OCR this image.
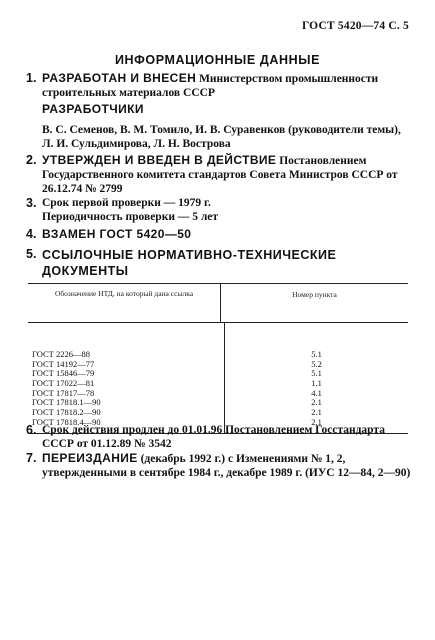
ГОСТ 5420—74 С. 5
ИНФОРМАЦИОННЫЕ ДАННЫЕ
1. РАЗРАБОТАН И ВНЕСЕН Министерством промышленности строительных материалов СССР
РАЗРАБОТЧИКИ
В. С. Семенов, В. М. Томило, И. В. Суравенков (руководители темы), Л. И. Сульдимирова, Л. Н. Вострова
2. УТВЕРЖДЕН И ВВЕДЕН В ДЕЙСТВИЕ Постановлением Государственного комитета стандартов Совета Министров СССР от 26.12.74 № 2799
3. Срок первой проверки — 1979 г.
Периодичность проверки — 5 лет
4. ВЗАМЕН ГОСТ 5420—50
5. ССЫЛОЧНЫЕ НОРМАТИВНО-ТЕХНИЧЕСКИЕ ДОКУМЕНТЫ
Обозначение НТД, на который дана ссылка	Номер пункта
ГОСТ 2226—88
ГОСТ 14192—77
ГОСТ 15846—79
ГОСТ 17022—81
ГОСТ 17817—78
ГОСТ 17818.1—90
ГОСТ 17818.2—90
ГОСТ 17818.4—90
5.1
5.2
5.1
1.1
4.1
2.1
2.1
2.1
6. Срок действия продлен до 01.01.96 Постановлением Госстандарта СССР от 01.12.89 № 3542
7. ПЕРЕИЗДАНИЕ (декабрь 1992 г.) с Изменениями № 1, 2, утвержденными в сентябре 1984 г., декабре 1989 г. (ИУС 12—84, 2—90)
